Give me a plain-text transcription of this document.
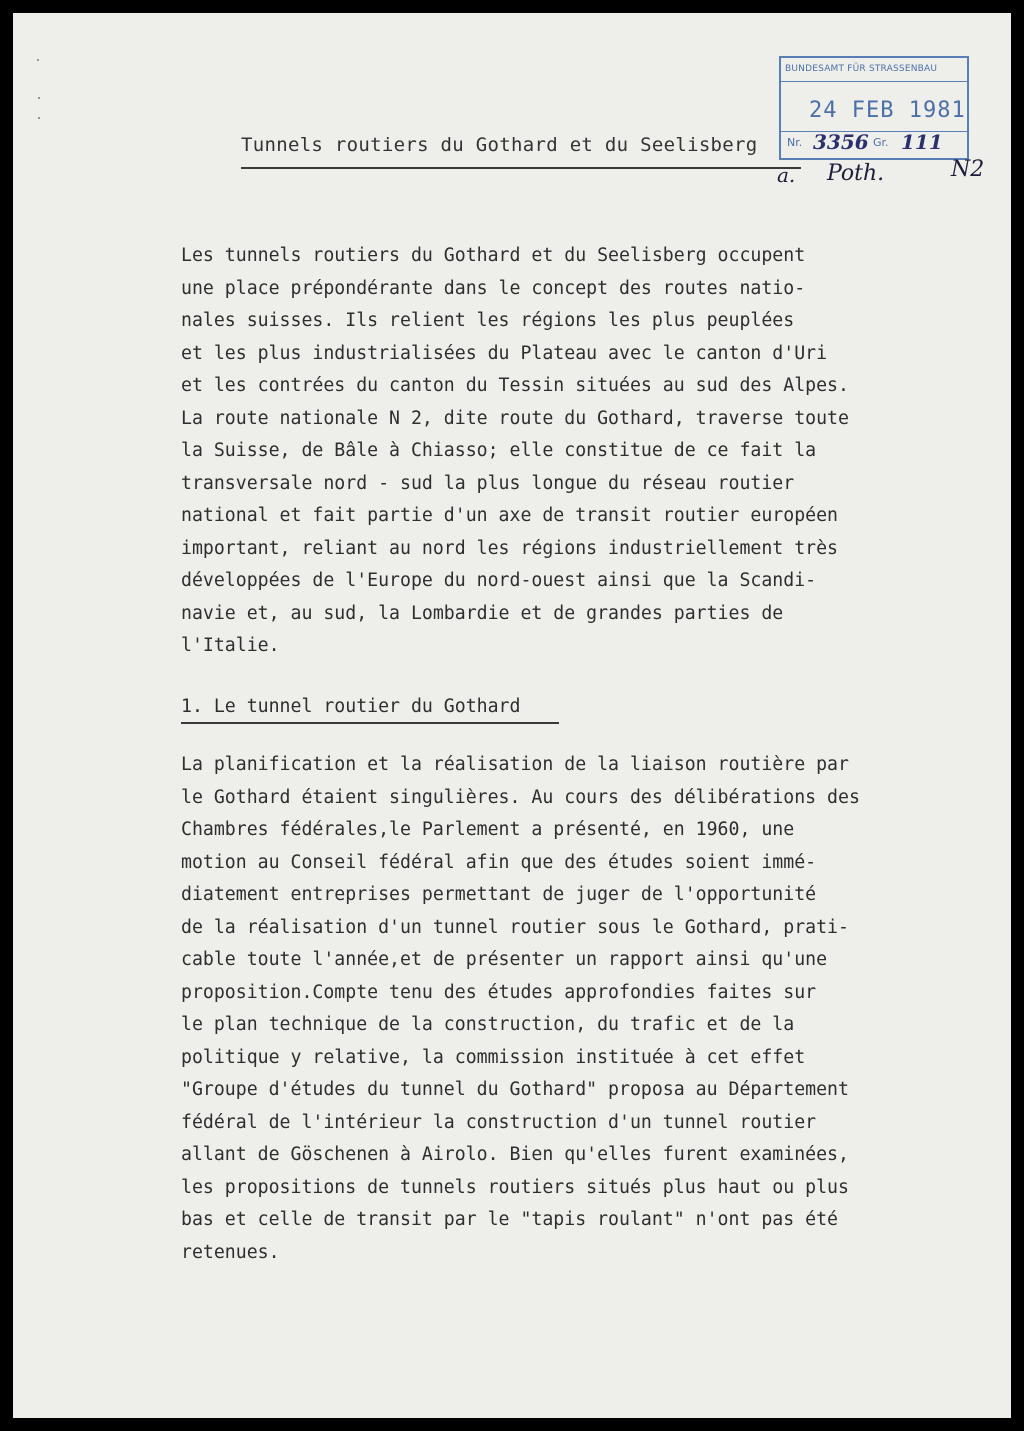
Tunnels routiers du Gothard et du Seelisberg
BUNDESAMT FÜR STRASSENBAU
24 FEB 1981
Nr. 3356 Gr. 111
a. Poth.	N2
Les tunnels routiers du Gothard et du Seelisberg occupent
une place prépondérante dans le concept des routes natio-
nales suisses. Ils relient les régions les plus peuplées
et les plus industrialisées du Plateau avec le canton d'Uri
et les contrées du canton du Tessin situées au sud des Alpes.
La route nationale N 2, dite route du Gothard, traverse toute
la Suisse, de Bâle à Chiasso; elle constitue de ce fait la
transversale nord - sud la plus longue du réseau routier
national et fait partie d'un axe de transit routier européen
important, reliant au nord les régions industriellement très
développées de l'Europe du nord-ouest ainsi que la Scandi-
navie et, au sud, la Lombardie et de grandes parties de
l'Italie.
1. Le tunnel routier du Gothard
La planification et la réalisation de la liaison routière par
le Gothard étaient singulières. Au cours des délibérations des
Chambres fédérales,le Parlement a présenté, en 1960, une
motion au Conseil fédéral afin que des études soient immé-
diatement entreprises permettant de juger de l'opportunité
de la réalisation d'un tunnel routier sous le Gothard, prati-
cable toute l'année,et de présenter un rapport ainsi qu'une
proposition.Compte tenu des études approfondies faites sur
le plan technique de la construction, du trafic et de la
politique y relative, la commission instituée à cet effet
"Groupe d'études du tunnel du Gothard" proposa au Département
fédéral de l'intérieur la construction d'un tunnel routier
allant de Göschenen à Airolo. Bien qu'elles furent examinées,
les propositions de tunnels routiers situés plus haut ou plus
bas et celle de transit par le "tapis roulant" n'ont pas été
retenues.
